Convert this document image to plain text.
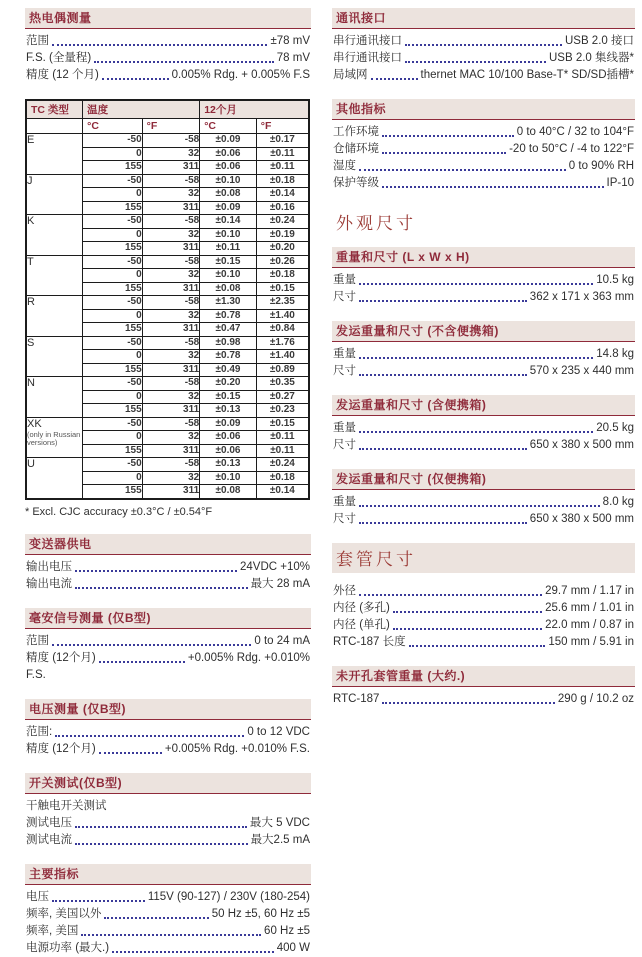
热电偶测量
范围	±78 mV
F.S. (全量程)	78 mV
精度 (12 个月)	0.005% Rdg. + 0.005% F.S
TC 类型	温度		12个月	
	°C	°F	°C	°F

E	-50	-58	±0.09	±0.17
	0	32	±0.06	±0.11
	155	311	±0.06	±0.11

J	-50	-58	±0.10	±0.18
	0	32	±0.08	±0.14
	155	311	±0.09	±0.16

K	-50	-58	±0.14	±0.24
	0	32	±0.10	±0.19
	155	311	±0.11	±0.20

T	-50	-58	±0.15	±0.26
	0	32	±0.10	±0.18
	155	311	±0.08	±0.15

R	-50	-58	±1.30	±2.35
	0	32	±0.78	±1.40
	155	311	±0.47	±0.84

S	-50	-58	±0.98	±1.76
	0	32	±0.78	±1.40
	155	311	±0.49	±0.89

N	-50	-58	±0.20	±0.35
	0	32	±0.15	±0.27
	155	311	±0.13	±0.23

XK
(only in Russian versions)	-50	-58	±0.09	±0.15
	0	32	±0.06	±0.11
	155	311	±0.06	±0.11

U	-50	-58	±0.13	±0.24
	0	32	±0.10	±0.18
	155	311	±0.08	±0.14
* Excl. CJC accuracy ±0.3°C / ±0.54°F
变送器供电
输出电压	24VDC +10%
输出电流	最大 28 mA
毫安信号测量 (仅B型)
范围	0 to 24 mA
精度 (12个月)	+0.005% Rdg. +0.010%
F.S.
电压测量 (仅B型)
范围:	0 to 12 VDC
精度 (12个月)	+0.005% Rdg. +0.010% F.S.
开关测试(仅B型)
干触电开关测试
测试电压	最大 5 VDC
测试电流	最大2.5 mA
主要指标
电压	115V (90-127) / 230V (180-254)
频率, 美国以外	50 Hz ±5, 60 Hz ±5
频率, 美国	60 Hz ±5
电源功率 (最大.)	400 W
通讯接口
串行通讯接口	USB 2.0 接口
串行通讯接口	USB 2.0 集线器*
局域网	thernet MAC 10/100 Base-T* SD/SD插槽*
其他指标
工作环境	0 to 40°C / 32 to 104°F
仓储环境	-20 to 50°C / -4 to 122°F
湿度	0 to 90% RH
保护等级	IP-10
外观尺寸
重量和尺寸 (L x W x H)
重量	10.5 kg
尺寸	362 x 171 x 363 mm
发运重量和尺寸 (不含便携箱)
重量	14.8 kg
尺寸	570 x 235 x 440 mm
发运重量和尺寸 (含便携箱)
重量	20.5 kg
尺寸	650 x 380 x 500 mm
发运重量和尺寸 (仅便携箱)
重量	8.0 kg
尺寸	650 x 380 x 500 mm
套管尺寸
外径	29.7 mm / 1.17 in
内径 (多孔)	25.6 mm / 1.01 in
内径 (单孔)	22.0 mm / 0.87 in
RTC-187 长度	150 mm / 5.91 in
未开孔套管重量 (大约.)
RTC-187	290 g / 10.2 oz
